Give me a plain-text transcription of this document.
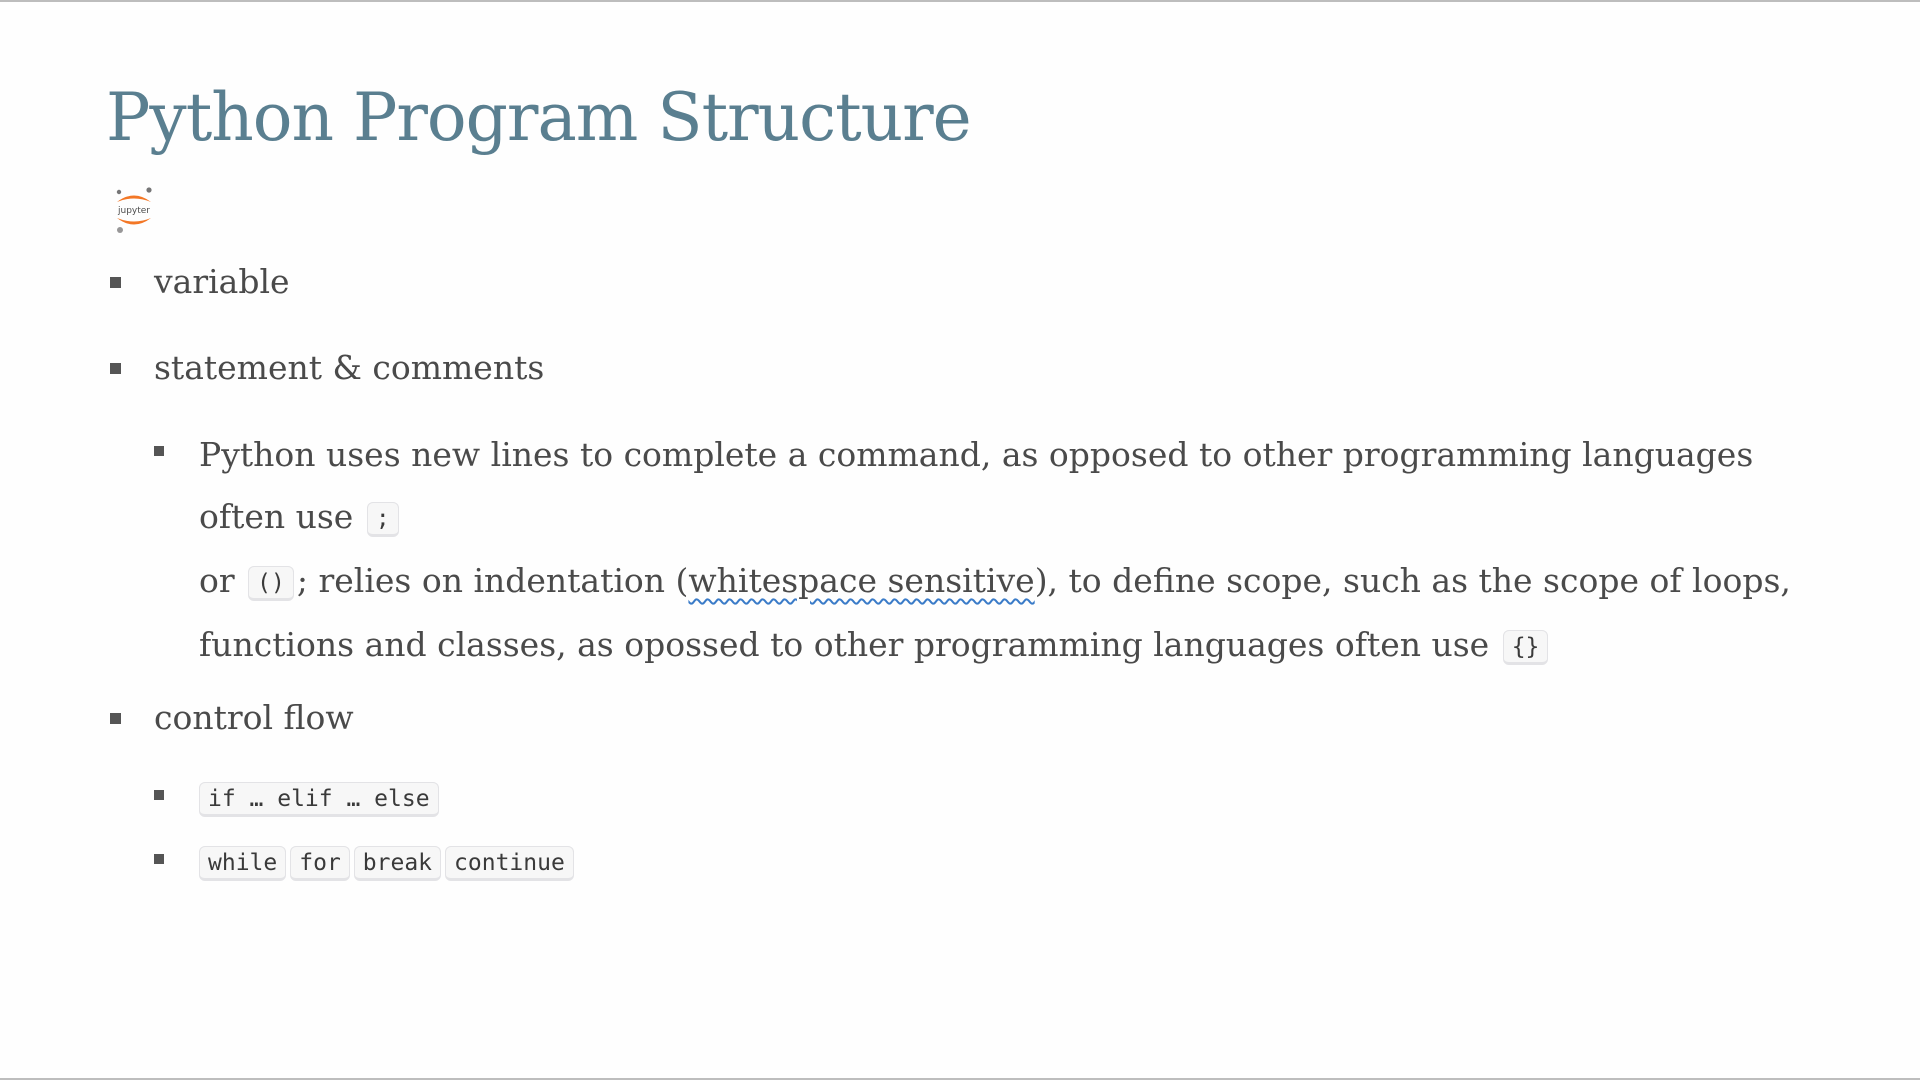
Python Program Structure
jupyter
variable
statement & comments
Python uses new lines to complete a command, as opposed to other programming languages often use ;
or () ; relies on indentation (whitespace sensitive), to define scope, such as the scope of loops, functions and classes, as opossed to other programming languages often use {}
control flow
if … elif … else
while for break continue
